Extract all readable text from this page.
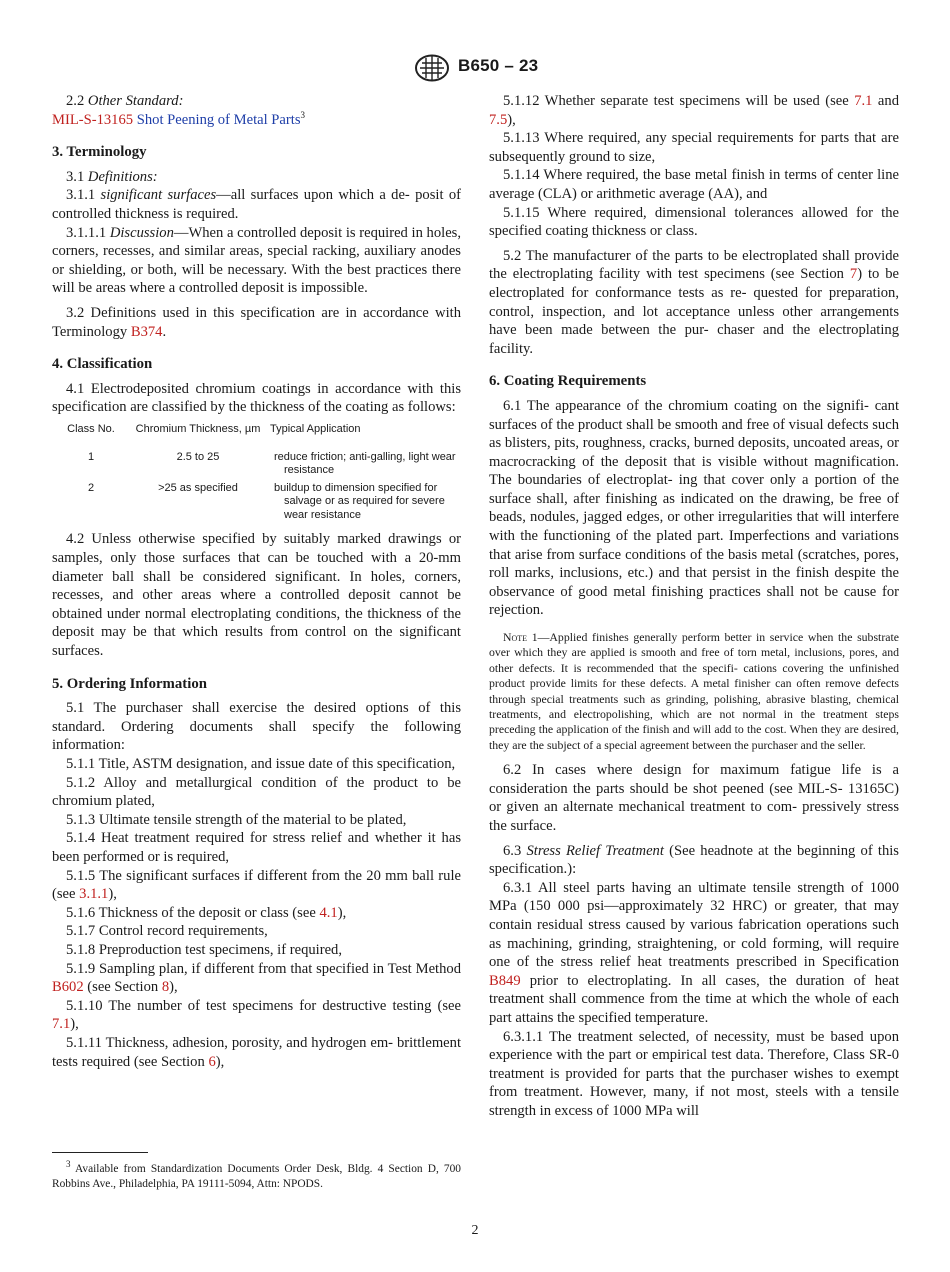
B650 – 23

2.2 Other Standard:

MIL-S-13165 Shot Peening of Metal Parts$^3$

3. Terminology

3.1 Definitions:

3.1.1 significant surfaces—all surfaces upon which a de- posit of controlled thickness is required.

3.1.1.1 Discussion—When a controlled deposit is required in holes, corners, recesses, and similar areas, special racking, auxiliary anodes or shielding, or both, will be necessary. With the best practices there will be areas where a controlled deposit is impossible.

3.2 Definitions used in this specification are in accordance with Terminology B374.

4. Classification

4.1 Electrodeposited chromium coatings in accordance with this specification are classified by the thickness of the coating as follows:

Class No.	Chromium Thickness, µm	Typical Application
1	2.5 to 25	reduce friction; anti-galling, light wear resistance

2	>25 as specified	buildup to dimension specified for salvage or as required for severe wear resistance

4.2 Unless otherwise specified by suitably marked drawings or samples, only those surfaces that can be touched with a 20-mm diameter ball shall be considered significant. In holes, corners, recesses, and other areas where a controlled deposit cannot be obtained under normal electroplating conditions, the thickness of the deposit may be that which results from control on the significant surfaces.

5. Ordering Information

5.1 The purchaser shall exercise the desired options of this standard. Ordering documents shall specify the following information:

5.1.1 Title, ASTM designation, and issue date of this specification,

5.1.2 Alloy and metallurgical condition of the product to be chromium plated,

5.1.3 Ultimate tensile strength of the material to be plated,

5.1.4 Heat treatment required for stress relief and whether it has been performed or is required,

5.1.5 The significant surfaces if different from the 20 mm ball rule (see 3.1.1),

5.1.6 Thickness of the deposit or class (see 4.1),

5.1.7 Control record requirements,

5.1.8 Preproduction test specimens, if required,

5.1.9 Sampling plan, if different from that specified in Test Method B602 (see Section 8),

5.1.10 The number of test specimens for destructive testing (see 7.1),

5.1.11 Thickness, adhesion, porosity, and hydrogen em- brittlement tests required (see Section 6),

$^3$ Available from Standardization Documents Order Desk, Bldg. 4 Section D, 700 Robbins Ave., Philadelphia, PA 19111-5094, Attn: NPODS.

5.1.12 Whether separate test specimens will be used (see 7.1 and 7.5),

5.1.13 Where required, any special requirements for parts that are subsequently ground to size,

5.1.14 Where required, the base metal finish in terms of center line average (CLA) or arithmetic average (AA), and

5.1.15 Where required, dimensional tolerances allowed for the specified coating thickness or class.

5.2 The manufacturer of the parts to be electroplated shall provide the electroplating facility with test specimens (see Section 7) to be electroplated for conformance tests as re- quested for preparation, control, inspection, and lot acceptance unless other arrangements have been made between the pur- chaser and the electroplating facility.

6. Coating Requirements

6.1 The appearance of the chromium coating on the signifi- cant surfaces of the product shall be smooth and free of visual defects such as blisters, pits, roughness, cracks, burned deposits, uncoated areas, or macrocracking of the deposit that is visible without magnification. The boundaries of electroplat- ing that cover only a portion of the surface shall, after finishing as indicated on the drawing, be free of beads, nodules, jagged edges, or other irregularities that will interfere with the functioning of the plated part. Imperfections and variations that arise from surface conditions of the basis metal (scratches, pores, roll marks, inclusions, etc.) and that persist in the finish despite the observance of good metal finishing practices shall not be cause for rejection.

Note 1—Applied finishes generally perform better in service when the substrate over which they are applied is smooth and free of torn metal, inclusions, pores, and other defects. It is recommended that the specifi- cations covering the unfinished product provide limits for these defects. A metal finisher can often remove defects through special treatments such as grinding, polishing, abrasive blasting, chemical treatments, and electropolishing, which are not normal in the treatment steps preceding the application of the finish and will add to the cost. When they are desired, they are the subject of a special agreement between the purchaser and the seller.

6.2 In cases where design for maximum fatigue life is a consideration the parts should be shot peened (see MIL-S- 13165C) or given an alternate mechanical treatment to com- pressively stress the surface.

6.3 Stress Relief Treatment (See headnote at the beginning of this specification.):

6.3.1 All steel parts having an ultimate tensile strength of 1000 MPa (150 000 psi—approximately 32 HRC) or greater, that may contain residual stress caused by various fabrication operations such as machining, grinding, straightening, or cold forming, will require one of the stress relief heat treatments prescribed in Specification B849 prior to electroplating. In all cases, the duration of heat treatment shall commence from the time at which the whole of each part attains the specified temperature.

6.3.1.1 The treatment selected, of necessity, must be based upon experience with the part or empirical test data. Therefore, Class SR-0 treatment is provided for parts that the purchaser wishes to exempt from treatment. However, many, if not most, steels with a tensile strength in excess of 1000 MPa will

2
